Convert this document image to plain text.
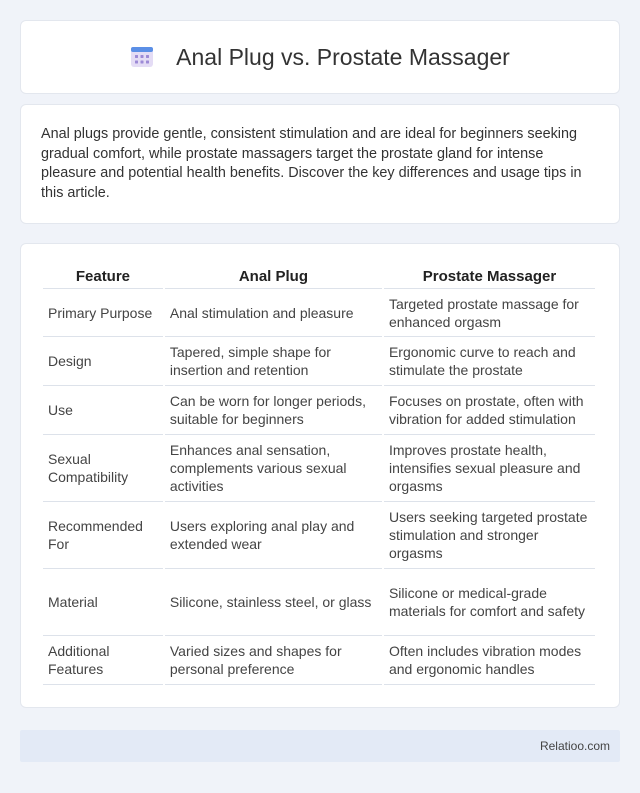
Anal Plug vs. Prostate Massager

Anal plugs provide gentle, consistent stimulation and are ideal for beginners seeking gradual comfort, while prostate massagers target the prostate gland for intense pleasure and potential health benefits. Discover the key differences and usage tips in this article.

Feature	Anal Plug	Prostate Massager
Primary Purpose	Anal stimulation and pleasure	Targeted prostate massage for enhanced orgasm
Design	Tapered, simple shape for insertion and retention	Ergonomic curve to reach and stimulate the prostate
Use	Can be worn for longer periods, suitable for beginners	Focuses on prostate, often with vibration for added stimulation
Sexual Compatibility	Enhances anal sensation, complements various sexual activities	Improves prostate health, intensifies sexual pleasure and orgasms
Recommended For	Users exploring anal play and extended wear	Users seeking targeted prostate stimulation and stronger orgasms
Material	Silicone, stainless steel, or glass	Silicone or medical-grade materials for comfort and safety
Additional Features	Varied sizes and shapes for personal preference	Often includes vibration modes and ergonomic handles
Relatioo.com
